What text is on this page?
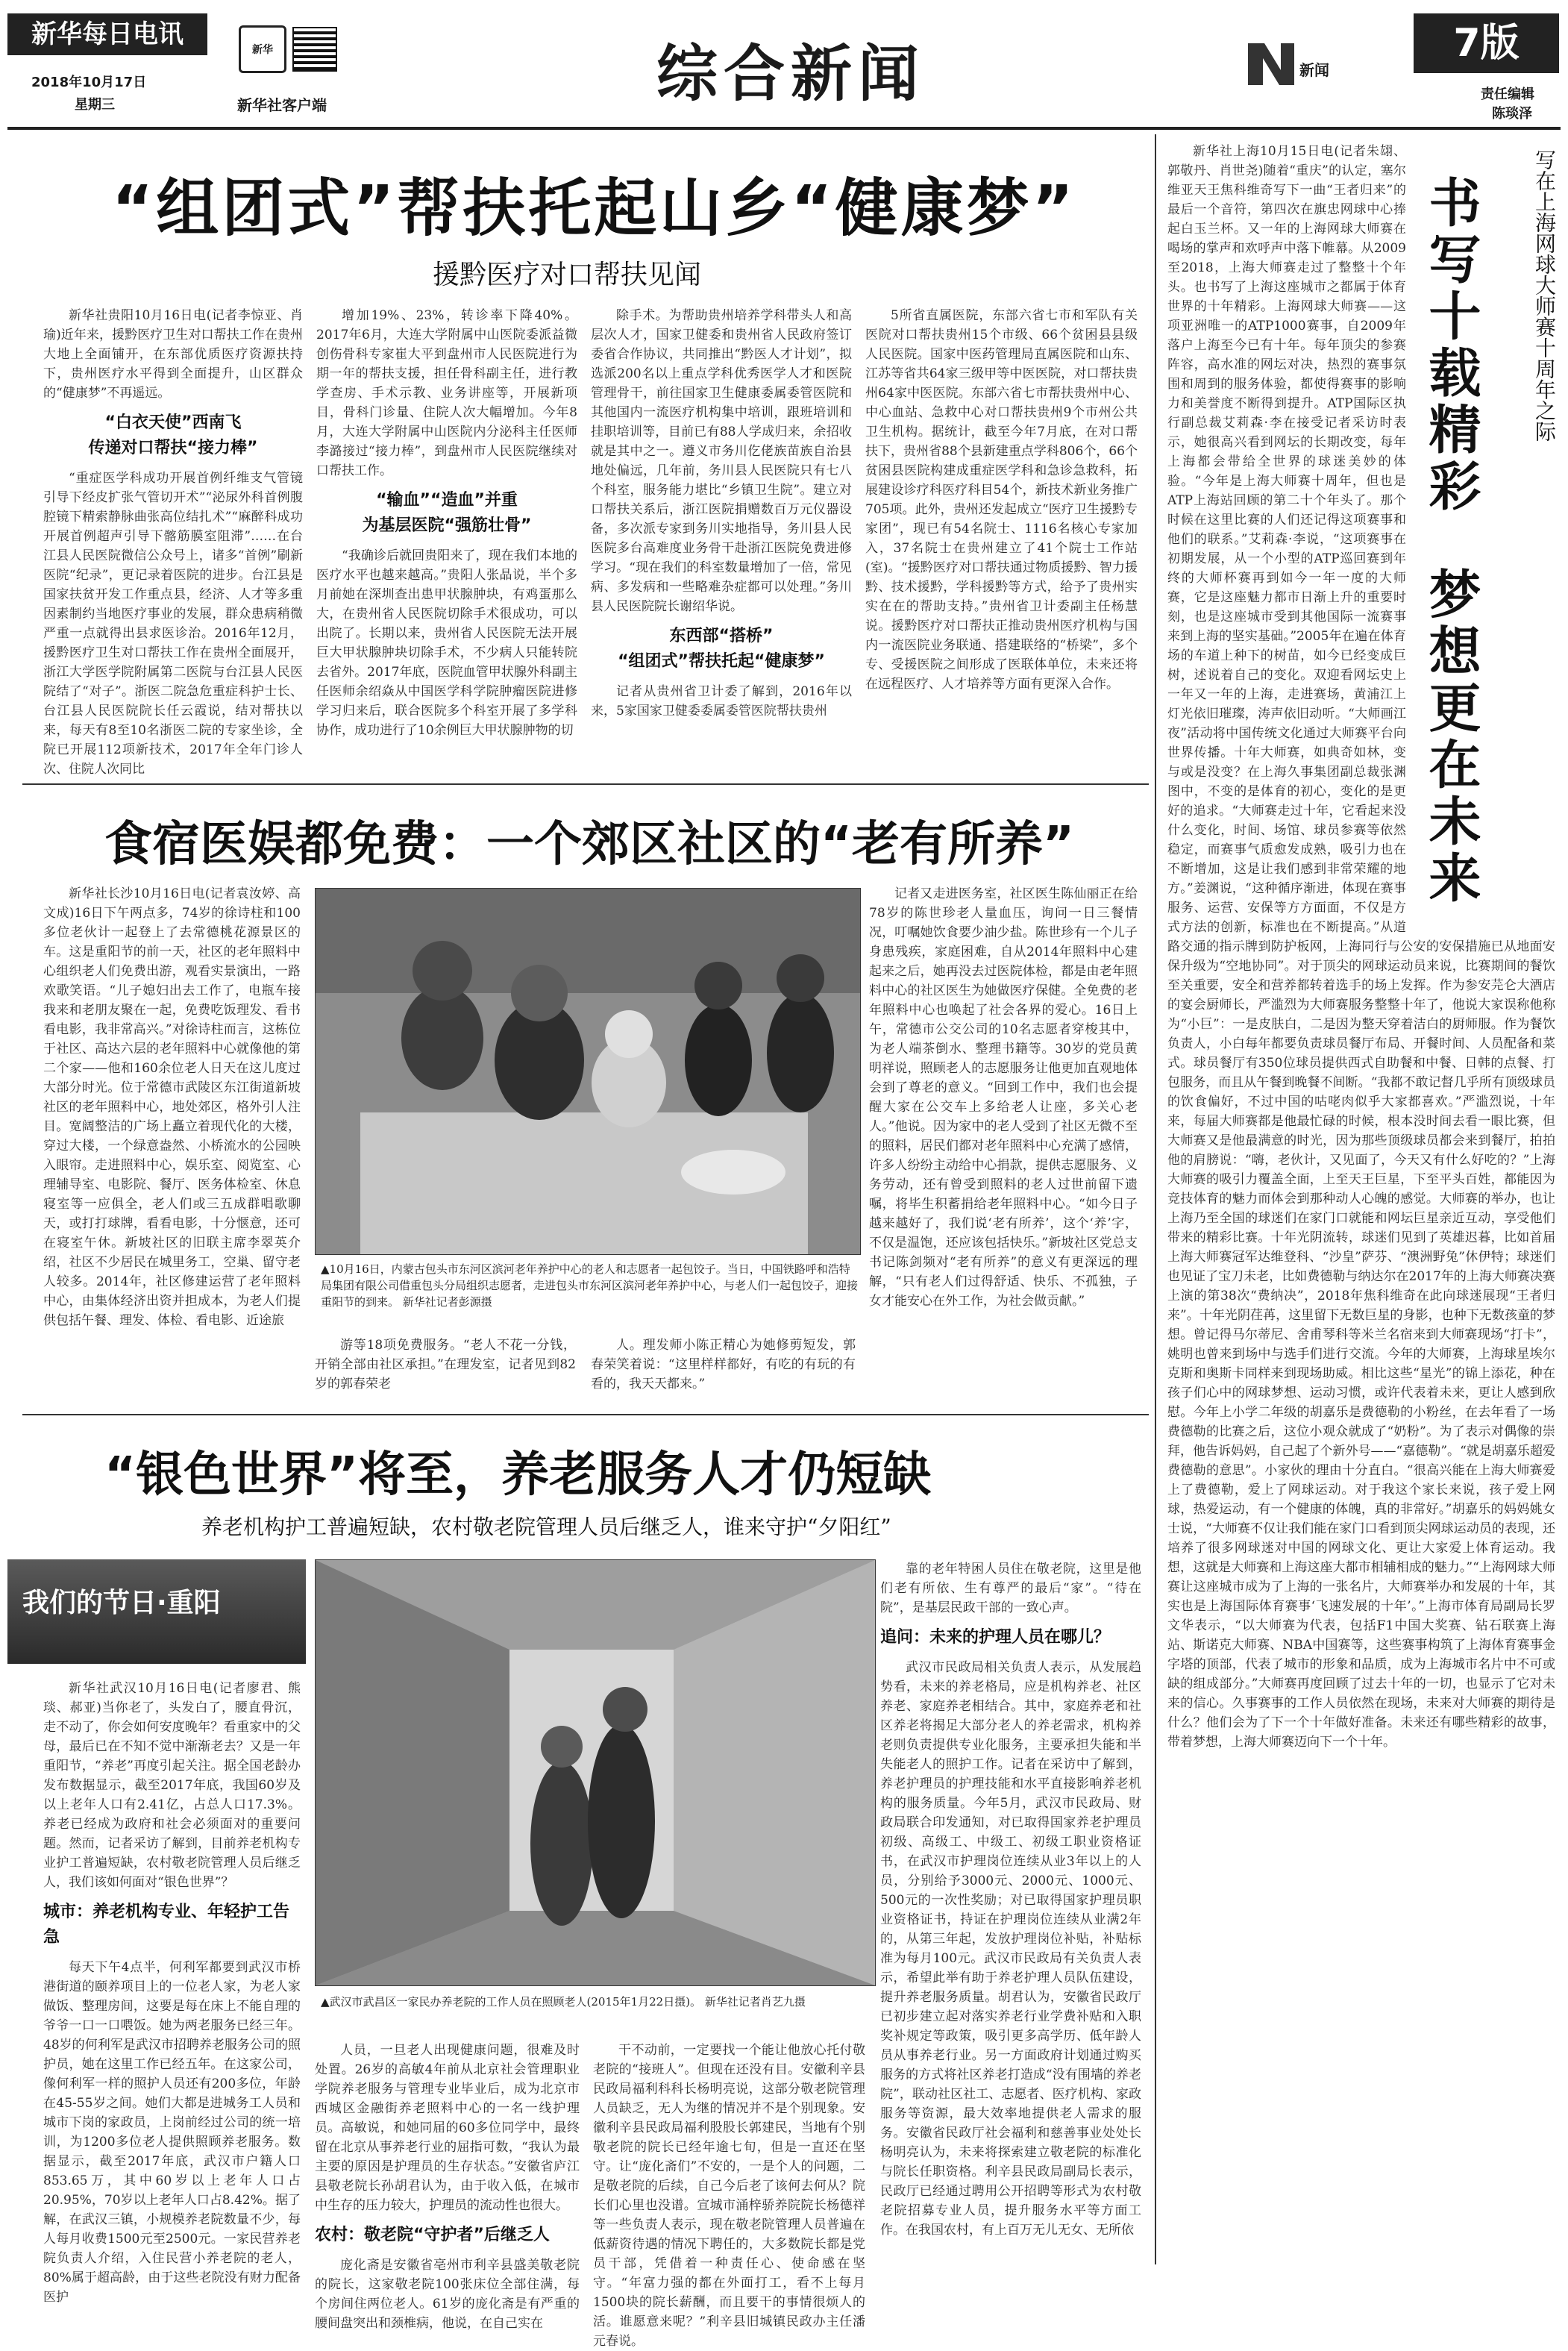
新华每日电讯
2018年10月17日
星期三
新华
新华社客户端	综合新闻	新闻
7版
责任编辑
陈琰泽
“组团式”帮扶托起山乡“健康梦”
援黔医疗对口帮扶见闻

新华社贵阳10月16日电(记者李惊亚、肖瑜)近年来，援黔医疗卫生对口帮扶工作在贵州大地上全面铺开，在东部优质医疗资源扶持下，贵州医疗水平得到全面提升，山区群众的“健康梦”不再遥远。

“白衣天使”西南飞
传递对口帮扶“接力棒”

“重症医学科成功开展首例纤维支气管镜引导下经皮扩张气管切开术”“泌尿外科首例腹腔镜下精索静脉曲张高位结扎术”“麻醉科成功开展首例超声引导下髂筋膜室阻滞”……在台江县人民医院微信公众号上，诸多“首例”刷新医院“纪录”，更记录着医院的进步。台江县是国家扶贫开发工作重点县，经济、人才等多重因素制约当地医疗事业的发展，群众患病稍微严重一点就得出县求医诊治。2016年12月，援黔医疗卫生对口帮扶工作在贵州全面展开，浙江大学医学院附属第二医院与台江县人民医院结了“对子”。浙医二院急危重症科护士长、台江县人民医院院长任云霞说，结对帮扶以来，每天有8至10名浙医二院的专家坐诊，全院已开展112项新技术，2017年全年门诊人次、住院人次同比

增加19%、23%，转诊率下降40%。2017年6月，大连大学附属中山医院委派益微创伤骨科专家崔大平到盘州市人民医院进行为期一年的帮扶支援，担任骨科副主任，进行教学查房、手术示教、业务讲座等，开展新项目，骨科门诊量、住院人次大幅增加。今年8月，大连大学附属中山医院内分泌科主任医师李潞接过“接力棒”，到盘州市人民医院继续对口帮扶工作。

“输血”“造血”并重
为基层医院“强筋壮骨”

“我确诊后就回贵阳来了，现在我们本地的医疗水平也越来越高。”贵阳人张晶说，半个多月前她在深圳查出患甲状腺肿块，有鸡蛋那么大，在贵州省人民医院切除手术很成功，可以出院了。长期以来，贵州省人民医院无法开展巨大甲状腺肿块切除手术，不少病人只能转院去省外。2017年底，医院血管甲状腺外科副主任医师余绍焱从中国医学科学院肿瘤医院进修学习归来后，联合医院多个科室开展了多学科协作，成功进行了10余例巨大甲状腺肿物的切

除手术。为帮助贵州培养学科带头人和高层次人才，国家卫健委和贵州省人民政府签订委省合作协议，共同推出“黔医人才计划”，拟选派200名以上重点学科优秀医学人才和医院管理骨干，前往国家卫生健康委属委管医院和其他国内一流医疗机构集中培训，跟班培训和挂职培训等，目前已有88人学成归来，余招收就是其中之一。遵义市务川仡佬族苗族自治县地处偏远，几年前，务川县人民医院只有七八个科室，服务能力堪比“乡镇卫生院”。建立对口帮扶关系后，浙江医院捐赠数百万元仪器设备，多次派专家到务川实地指导，务川县人民医院多台高难度业务骨干赴浙江医院免费进修学习。“现在我们的科室数量增加了一倍，常见病、多发病和一些略难杂症都可以处理。”务川县人民医院院长谢绍华说。

东西部“搭桥”
“组团式”帮扶托起“健康梦”

记者从贵州省卫计委了解到，2016年以来，5家国家卫健委委属委管医院帮扶贵州

5所省直属医院，东部六省七市和军队有关医院对口帮扶贵州15个市级、66个贫困县县级人民医院。国家中医药管理局直属医院和山东、江苏等省共64家三级甲等中医医院，对口帮扶贵州64家中医医院。东部六省七市帮扶贵州中心、中心血站、急救中心对口帮扶贵州9个市州公共卫生机构。据统计，截至今年7月底，在对口帮扶下，贵州省88个县新建重点学科806个，66个贫困县医院构建成重症医学科和急诊急救科，拓展建设诊疗科医疗科目54个，新技术新业务推广705项。此外，贵州还发起成立“医疗卫生援黔专家团”，现已有54名院士、1116名核心专家加入，37名院士在贵州建立了41个院士工作站(室)。“援黔医疗对口帮扶通过物质援黔、智力援黔、技术援黔，学科援黔等方式，给予了贵州实实在在的帮助支持。”贵州省卫计委副主任杨慧说。援黔医疗对口帮扶正推动贵州医疗机构与国内一流医院业务联通、搭建联络的“桥梁”，多个专、受援医院之间形成了医联体单位，未来还将在远程医疗、人才培养等方面有更深入合作。

食宿医娱都免费：一个郊区社区的“老有所养”

新华社长沙10月16日电(记者袁汝婷、高文成)16日下午两点多，74岁的徐诗柱和100多位老伙计一起登上了去常德桃花源景区的车。这是重阳节的前一天，社区的老年照料中心组织老人们免费出游，观看实景演出，一路欢歌笑语。“儿子媳妇出去工作了，电瓶车接我来和老朋友聚在一起，免费吃饭理发、看书看电影，我非常高兴。”对徐诗柱而言，这栋位于社区、高达六层的老年照料中心就像他的第二个家——他和160余位老人日天在这儿度过大部分时光。位于常德市武陵区东江街道新坡社区的老年照料中心，地处郊区，格外引人注目。宽阔整洁的广场上矗立着现代化的大楼，穿过大楼，一个绿意盎然、小桥流水的公园映入眼帘。走进照料中心，娱乐室、阅览室、心理辅导室、电影院、餐厅、医务体检室、休息寝室等一应俱全，老人们或三五成群唱歌聊天，或打打球牌，看看电影，十分惬意，还可在寝室午休。新坡社区的旧联主席李翠英介绍，社区不少居民在城里务工，空巢、留守老人较多。2014年，社区修建运营了老年照料中心，由集体经济出资并担成本，为老人们提供包括午餐、理发、体检、看电影、近途旅

▲10月16日，内蒙古包头市东河区滨河老年养护中心的老人和志愿者一起包饺子。当日，中国铁路呼和浩特局集团有限公司借重包头分局组织志愿者，走进包头市东河区滨河老年养护中心，与老人们一起包饺子，迎接重阳节的到来。 新华社记者彭源摄

游等18项免费服务。“老人不花一分钱，开销全部由社区承担。”在理发室，记者见到82岁的郭春荣老

人。理发师小陈正精心为她修剪短发，郭春荣笑着说：“这里样样都好，有吃的有玩的有看的，我天天都来。”

记者又走进医务室，社区医生陈仙丽正在给78岁的陈世珍老人量血压，询问一日三餐情况，叮嘱她饮食要少油少盐。陈世珍有一个儿子身患残疾，家庭困难，自从2014年照料中心建起来之后，她再没去过医院体检，都是由老年照料中心的社区医生为她做医疗保健。全免费的老年照料中心也唤起了社会各界的爱心。16日上午，常德市公交公司的10名志愿者穿梭其中，为老人端茶倒水、整理书籍等。30岁的党员黄明祥说，照顾老人的志愿服务让他更加直观地体会到了尊老的意义。“回到工作中，我们也会提醒大家在公交车上多给老人让座，多关心老人。”他说。因为家中的老人受到了社区无微不至的照料，居民们都对老年照料中心充满了感情，许多人纷纷主动给中心捐款，提供志愿服务、义务劳动，还有曾受到照料的老人过世前留下遗嘱，将毕生积蓄捐给老年照料中心。“如今日子越来越好了，我们说‘老有所养’，这个‘养’字，不仅是温饱，还应该包括快乐。”新坡社区党总支书记陈剑频对“老有所养”的意义有更深远的理解，“只有老人们过得舒适、快乐、不孤独，子女才能安心在外工作，为社会做贡献。”

“银色世界”将至，养老服务人才仍短缺
养老机构护工普遍短缺，农村敬老院管理人员后继乏人，谁来守护“夕阳红”
我们的节日·重阳

新华社武汉10月16日电(记者廖君、熊琰、郝亚)当你老了，头发白了，腰直骨沉，走不动了，你会如何安度晚年？看重家中的父母，最后已在不知不觉中渐渐老去？又是一年重阳节，“养老”再度引起关注。据全国老龄办发布数据显示，截至2017年底，我国60岁及以上老年人口有2.41亿，占总人口17.3%。养老已经成为政府和社会必须面对的重要问题。然而，记者采访了解到，目前养老机构专业护工普遍短缺，农村敬老院管理人员后继乏人，我们该如何面对“银色世界”？

城市：养老机构专业、年轻护工告急

每天下午4点半，何利军都要到武汉市桥港街道的颐养项目上的一位老人家，为老人家做饭、整理房间，这要是每在床上不能自理的爷爷一口一口喂饭。她为两老服务已经三年。48岁的何利军是武汉市招聘养老服务公司的照护员，她在这里工作已经五年。在这家公司，像何利军一样的照护人员还有200多位，年龄在45-55岁之间。她们大都是进城务工人员和城市下岗的家政员，上岗前经过公司的统一培训，为1200多位老人提供照顾养老服务。数据显示，截至2017年底，武汉市户籍人口853.65万，其中60岁以上老年人口占20.95%，70岁以上老年人口占8.42%。据了解，在武汉三镇，小规模养老院数量不少，每人每月收费1500元至2500元。一家民营养老院负责人介绍，入住民营小养老院的老人，80%属于超高龄，由于这些老院没有财力配备医护

▲武汉市武昌区一家民办养老院的工作人员在照顾老人(2015年1月22日摄)。 新华社记者肖艺九摄

人员，一旦老人出现健康问题，很难及时处置。26岁的高敏4年前从北京社会管理职业学院养老服务与管理专业毕业后，成为北京市西城区金融街养老照料中心的一名一线护理员。高敏说，和她同届的60多位同学中，最终留在北京从事养老行业的屈指可数，“我认为最主要的原因是护理员的生存状态。”安徽省庐江县敬老院长孙胡君认为，由于收入低，在城市中生存的压力较大，护理员的流动性也很大。

农村：敬老院“守护者”后继乏人

庞化斋是安徽省亳州市利辛县盛美敬老院的院长，这家敬老院100张床位全部住满，每个房间住两位老人。61岁的庞化斋是有严重的腰间盘突出和颈椎病，他说，在自己实在

干不动前，一定要找一个能让他放心托付敬老院的“接班人”。但现在还没有目。安徽利辛县民政局福利科科长杨明亮说，这部分敬老院管理人员缺乏，无人为继的情况并不是个别现象。安徽利辛县民政局福利股股长郭建民，当地有个别敬老院的院长已经年逾七旬，但是一直还在坚守。让“庞化斋们”不安的，一是个人的问题，二是敬老院的后续，自己今后老了该何去何从？院长们心里也没谱。宣城市涌梓骄养院院长杨德祥等一些负责人表示，现在敬老院管理人员普遍在低薪资待遇的情况下聘任的，大多数院长都是党员干部，凭借着一种责任心、使命感在坚守。“年富力强的都在外面打工，看不上每月1500块的院长薪酬，而且要干的事情很烦人的活。谁愿意来呢？”利辛县旧城镇民政办主任潘元春说。

靠的老年特困人员住在敬老院，这里是他们老有所依、生有尊严的最后“家”。“待在院”，是基层民政干部的一致心声。

追问：未来的护理人员在哪儿？

武汉市民政局相关负责人表示，从发展趋势看，未来的养老格局，应是机构养老、社区养老、家庭养老相结合。其中，家庭养老和社区养老将揭足大部分老人的养老需求，机构养老则负责提供专业化服务，主要承担失能和半失能老人的照护工作。记者在采访中了解到，养老护理员的护理技能和水平直接影响养老机构的服务质量。今年5月，武汉市民政局、财政局联合印发通知，对已取得国家养老护理员初级、高级工、中级工、初级工职业资格证书，在武汉市护理岗位连续从业3年以上的人员，分别给予3000元、2000元、1000元、500元的一次性奖励；对已取得国家护理员职业资格证书，持证在护理岗位连续从业满2年的，从第三年起，发放护理岗位补贴，补贴标准为每月100元。武汉市民政局有关负责人表示，希望此举有助于养老护理人员队伍建设，提升养老服务质量。胡君认为，安徽省民政厅已初步建立起对落实养老行业学费补贴和入职奖补规定等政策，吸引更多高学历、低年龄人员从事养老行业。另一方面政府计划通过购买服务的方式将社区养老打造成“没有围墙的养老院”，联动社区社工、志愿者、医疗机构、家政服务等资源，最大效率地提供老人需求的服务。安徽省民政厅社会福利和慈善事业处处长杨明亮认为，未来将探索建立敬老院的标准化与院长任职资格。利辛县民政局副局长表示，民政厅已经通过聘用公开招聘等形式为农村敬老院招募专业人员，提升服务水平等方面工作。在我国农村，有上百万无儿无女、无所依

写在上海网球大师赛十周年之际
书写十载精彩
梦想更在未来

新华社上海10月15日电(记者朱翃、郭敬丹、肖世尧)随着“重庆”的认定，塞尔维亚天王焦科维奇写下一曲“王者归来”的最后一个音符，第四次在旗忠网球中心捧起白玉兰杯。又一年的上海网球大师赛在喝场的掌声和欢呼声中落下帷幕。从2009至2018，上海大师赛走过了整整十个年头。也书写了上海这座城市之都属于体育世界的十年精彩。上海网球大师赛——这项亚洲唯一的ATP1000赛事，自2009年落户上海至今已有十年。每年顶尖的参赛阵容，高水准的网坛对决，热烈的赛事氛围和周到的服务体验，都使得赛事的影响力和美誉度不断得到提升。ATP国际区执行副总裁艾莉森·李在接受记者采访时表示，她很高兴看到网坛的长期改变，每年上海都会带给全世界的球迷美妙的体验。“今年是上海大师赛十周年，但也是ATP上海站回顾的第二十个年头了。那个时候在这里比赛的人们还记得这项赛事和他们的联系。”艾莉森·李说，“这项赛事在初期发展，从一个小型的ATP巡回赛到年终的大师杯赛再到如今一年一度的大师赛，它是这座魅力都市日渐上升的重要时刻，也是这座城市受到其他国际一流赛事来到上海的坚实基础。”2005年在遍在体育场的车道上种下的树苗，如今已经变成巨树，述说着自己的变化。双迎看网坛史上一年又一年的上海，走进赛场，黄浦江上灯光依旧璀璨，涛声依旧动听。“大师画江夜”活动将中国传统文化通过大师赛平台向世界传播。十年大师赛，如典奇如林，变与或是没变？在上海久事集团副总裁张渊图中，不变的是体育的初心，变化的是更好的追求。“大师赛走过十年，它看起来没什么变化，时间、场馆、球员参赛等依然稳定，而赛事气质愈发成熟，吸引力也在不断增加，这是让我们感到非常荣耀的地方。”姜渊说，“这种循序渐进，体现在赛事服务、运营、安保等方方面面，不仅是方式方法的创新，标准也在不断提高。”从道路交通的指示牌到防护板网，上海同行与公安的安保措施已从地面安保升级为“空地协同”。对于顶尖的网球运动员来说，比赛期间的餐饮至关重要，安全和营养都转着选手的场上发挥。作为参安芫仑大酒店的宴会厨师长，严滥烈为大师赛服务整整十年了，他说大家误称他称为“小巨”：一是皮肤白，二是因为整天穿着洁白的厨师服。作为餐饮负责人，小白每年都要负责球员餐厅布局、开餐时间、人员配备和菜式。球员餐厅有350位球员提供西式自助餐和中餐、日韩的点餐、打包服务，而且从午餐到晚餐不间断。“我都不敢记督几乎所有顶级球员的饮食偏好，不过中国的咕咾肉似乎大家都喜欢。”严滥烈说，十年来，每届大师赛都是他最忙碌的时候，根本没时间去看一眼比赛，但大师赛又是他最满意的时光，因为那些顶级球员都会来到餐厅，拍拍他的肩膀说：“嗨，老伙计，又见面了，今天又有什么好吃的？”上海大师赛的吸引力覆盖全面，上至天王巨星，下至平头百姓，都能因为竞技体育的魅力而体会到那种动人心魄的感觉。大师赛的举办，也让上海乃至全国的球迷们在家门口就能和网坛巨星亲近互动，享受他们带来的精彩比赛。十年光阴流转，球迷们见到了英雄迟暮，比如首届上海大师赛冠军达维登科、“沙皇”萨芬、“澳洲野兔”休伊特；球迷们也见证了宝刀未老，比如费德勒与纳达尔在2017年的上海大师赛决赛上演的第38次“费纳决”，2018年焦科维奇在此向球迷展现“王者归来”。十年光阴荏苒，这里留下无数巨星的身影，也种下无数孩童的梦想。曾记得马尔蒂尼、舍甫琴科等米兰名宿来到大师赛现场“打卡”，姚明也曾来到场中与选手们进行交流。今年的大师赛，上海球星埃尔克斯和奥斯卡同样来到现场助威。相比这些“星光”的锦上添花，种在孩子们心中的网球梦想、运动习惯，或许代表着未来，更让人感到欣慰。今年上小学二年级的胡嘉乐是费德勒的小粉丝，在去年看了一场费德勒的比赛之后，这位小观众就成了“奶粉”。为了表示对偶像的崇拜，他告诉妈妈，自己起了个新外号——“嘉德勒”。“就是胡嘉乐超爱费德勒的意思”。小家伙的理由十分直白。“很高兴能在上海大师赛爱上了费德勒，爱上了网球运动。对于我这个家长来说，孩子爱上网球，热爱运动，有一个健康的体魄，真的非常好。”胡嘉乐的妈妈姚女士说，“大师赛不仅让我们能在家门口看到顶尖网球运动员的表现，还培养了很多网球迷对中国的网球文化、更让大家爱上体育运动。我想，这就是大师赛和上海这座大都市相辅相成的魅力。”“上海网球大师赛让这座城市成为了上海的一张名片，大师赛举办和发展的十年，其实也是上海国际体育赛事‘飞速发展的十年’。”上海市体育局副局长罗文华表示，“以大师赛为代表，包括F1中国大奖赛、钻石联赛上海站、斯诺克大师赛、NBA中国赛等，这些赛事构筑了上海体育赛事金字塔的顶部，代表了城市的形象和品质，成为上海城市名片中不可或缺的组成部分。”大师赛再度回顾了过去十年的一切，也显示了它对未来的信心。久事赛事的工作人员依然在现场，未来对大师赛的期待是什么？他们会为了下一个十年做好准备。未来还有哪些精彩的故事，带着梦想，上海大师赛迈向下一个十年。
